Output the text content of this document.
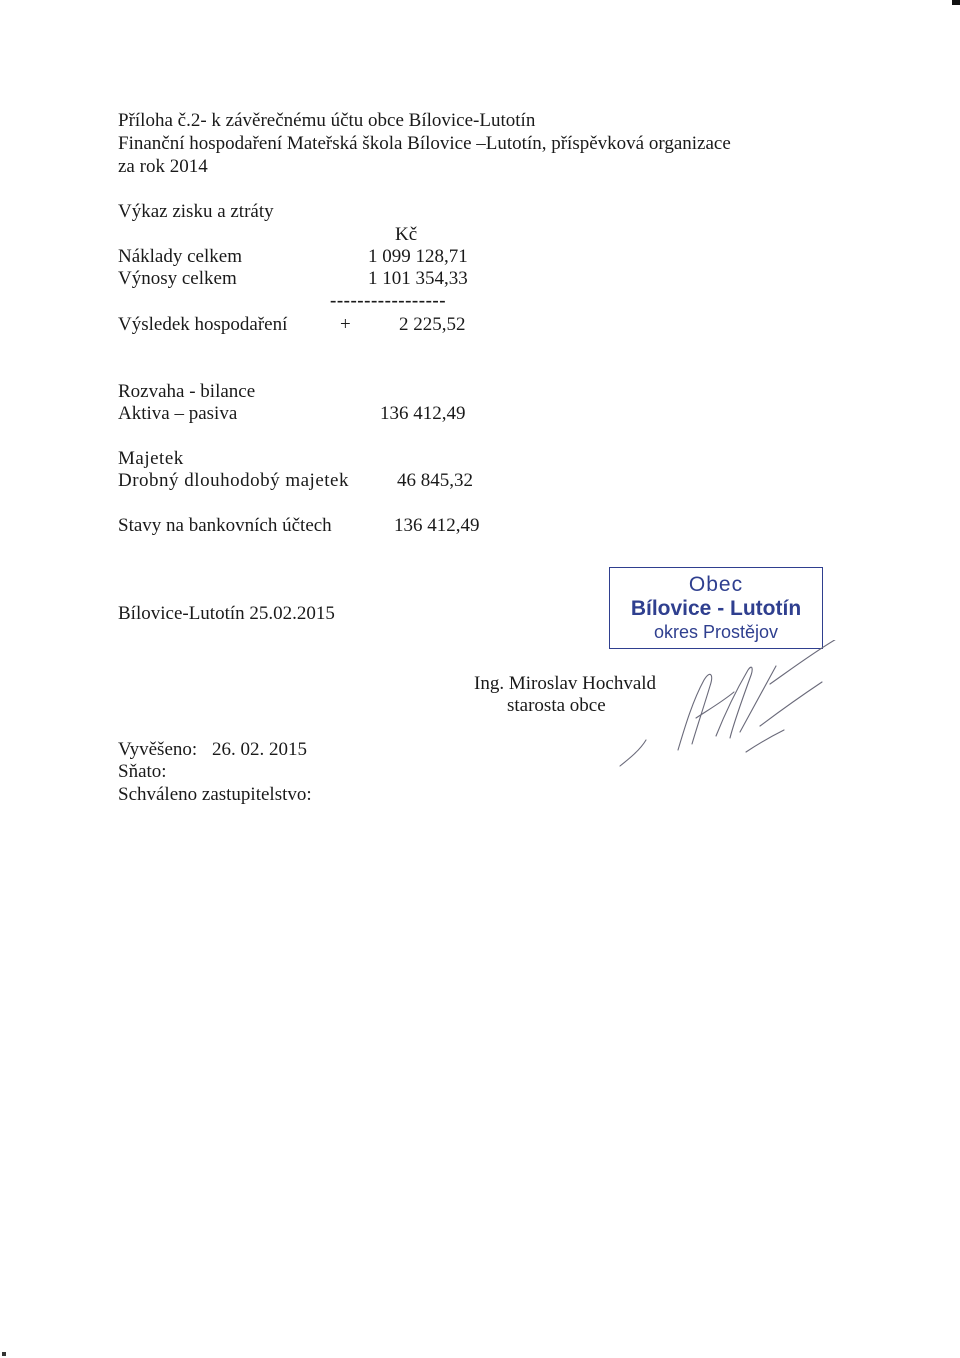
Příloha č.2- k závěrečnému účtu obce Bílovice-Lutotín
Finanční hospodaření Mateřská škola Bílovice –Lutotín, příspěvková organizace
za rok 2014
Výkaz zisku a ztráty
Kč
Náklady celkem	1 099 128,71
Výnosy celkem	1 101 354,33
-----------------
Výsledek hospodaření	+	2 225,52
Rozvaha - bilance
Aktiva – pasiva	136 412,49
Majetek
Drobný dlouhodobý majetek	46 845,32
Stavy na bankovních účtech	136 412,49
Bílovice-Lutotín 25.02.2015
Obec
Bílovice - Lutotín
okres Prostějov
Ing. Miroslav Hochvald
starosta obce
Vyvěšeno: 26. 02. 2015
Sňato:
Schváleno zastupitelstvo:
